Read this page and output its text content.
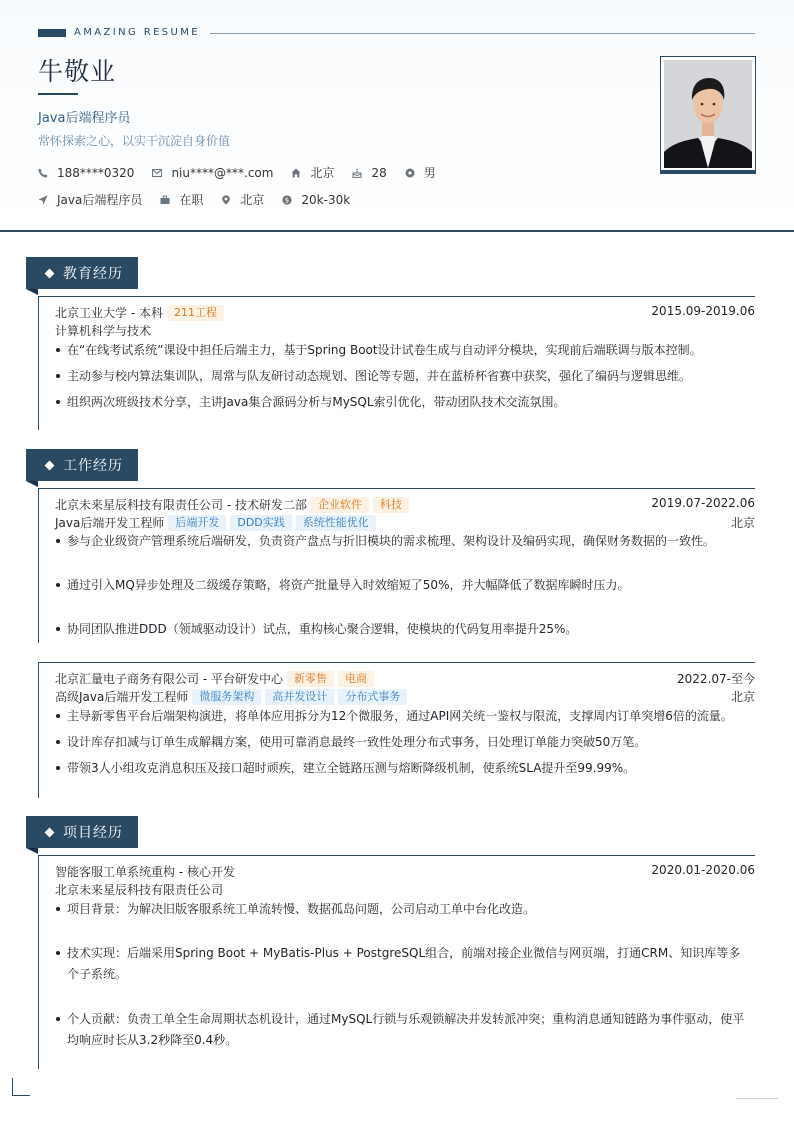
AMAZING RESUME
牛敬业
Java后端程序员
常怀探索之心，以实干沉淀自身价值
188****0320	niu****@***.com	北京	28	男
Java后端程序员	在职	北京	$ 20k-30k
教育经历
北京工业大学 - 本科	211工程	2015.09-2019.06
计算机科学与技术
在“在线考试系统”课设中担任后端主力，基于Spring Boot设计试卷生成与自动评分模块，实现前后端联调与版本控制。
主动参与校内算法集训队，周常与队友研讨动态规划、图论等专题，并在蓝桥杯省赛中获奖，强化了编码与逻辑思维。
组织两次班级技术分享，主讲Java集合源码分析与MySQL索引优化，带动团队技术交流氛围。
工作经历
北京未来星辰科技有限责任公司 - 技术研发二部	企业软件	科技	2019.07-2022.06
Java后端开发工程师	后端开发	DDD实践	系统性能优化	北京
参与企业级资产管理系统后端研发，负责资产盘点与折旧模块的需求梳理、架构设计及编码实现，确保财务数据的一致性。
通过引入MQ异步处理及二级缓存策略，将资产批量导入时效缩短了50%，并大幅降低了数据库瞬时压力。
协同团队推进DDD（领域驱动设计）试点，重构核心聚合逻辑，使模块的代码复用率提升25%。
北京汇量电子商务有限公司 - 平台研发中心	新零售	电商	2022.07-至今
高级Java后端开发工程师	微服务架构	高并发设计	分布式事务	北京
主导新零售平台后端架构演进，将单体应用拆分为12个微服务，通过API网关统一鉴权与限流，支撑周内订单突增6倍的流量。
设计库存扣减与订单生成解耦方案，使用可靠消息最终一致性处理分布式事务，日处理订单能力突破50万笔。
带领3人小组攻克消息积压及接口超时顽疾，建立全链路压测与熔断降级机制，使系统SLA提升至99.99%。
项目经历
智能客服工单系统重构 - 核心开发	2020.01-2020.06
北京未来星辰科技有限责任公司
项目背景：为解决旧版客服系统工单流转慢、数据孤岛问题，公司启动工单中台化改造。
技术实现：后端采用Spring Boot + MyBatis-Plus + PostgreSQL组合，前端对接企业微信与网页端，打通CRM、知识库等多个子系统。
个人贡献：负责工单全生命周期状态机设计，通过MySQL行锁与乐观锁解决并发转派冲突；重构消息通知链路为事件驱动，使平均响应时长从3.2秒降至0.4秒。
